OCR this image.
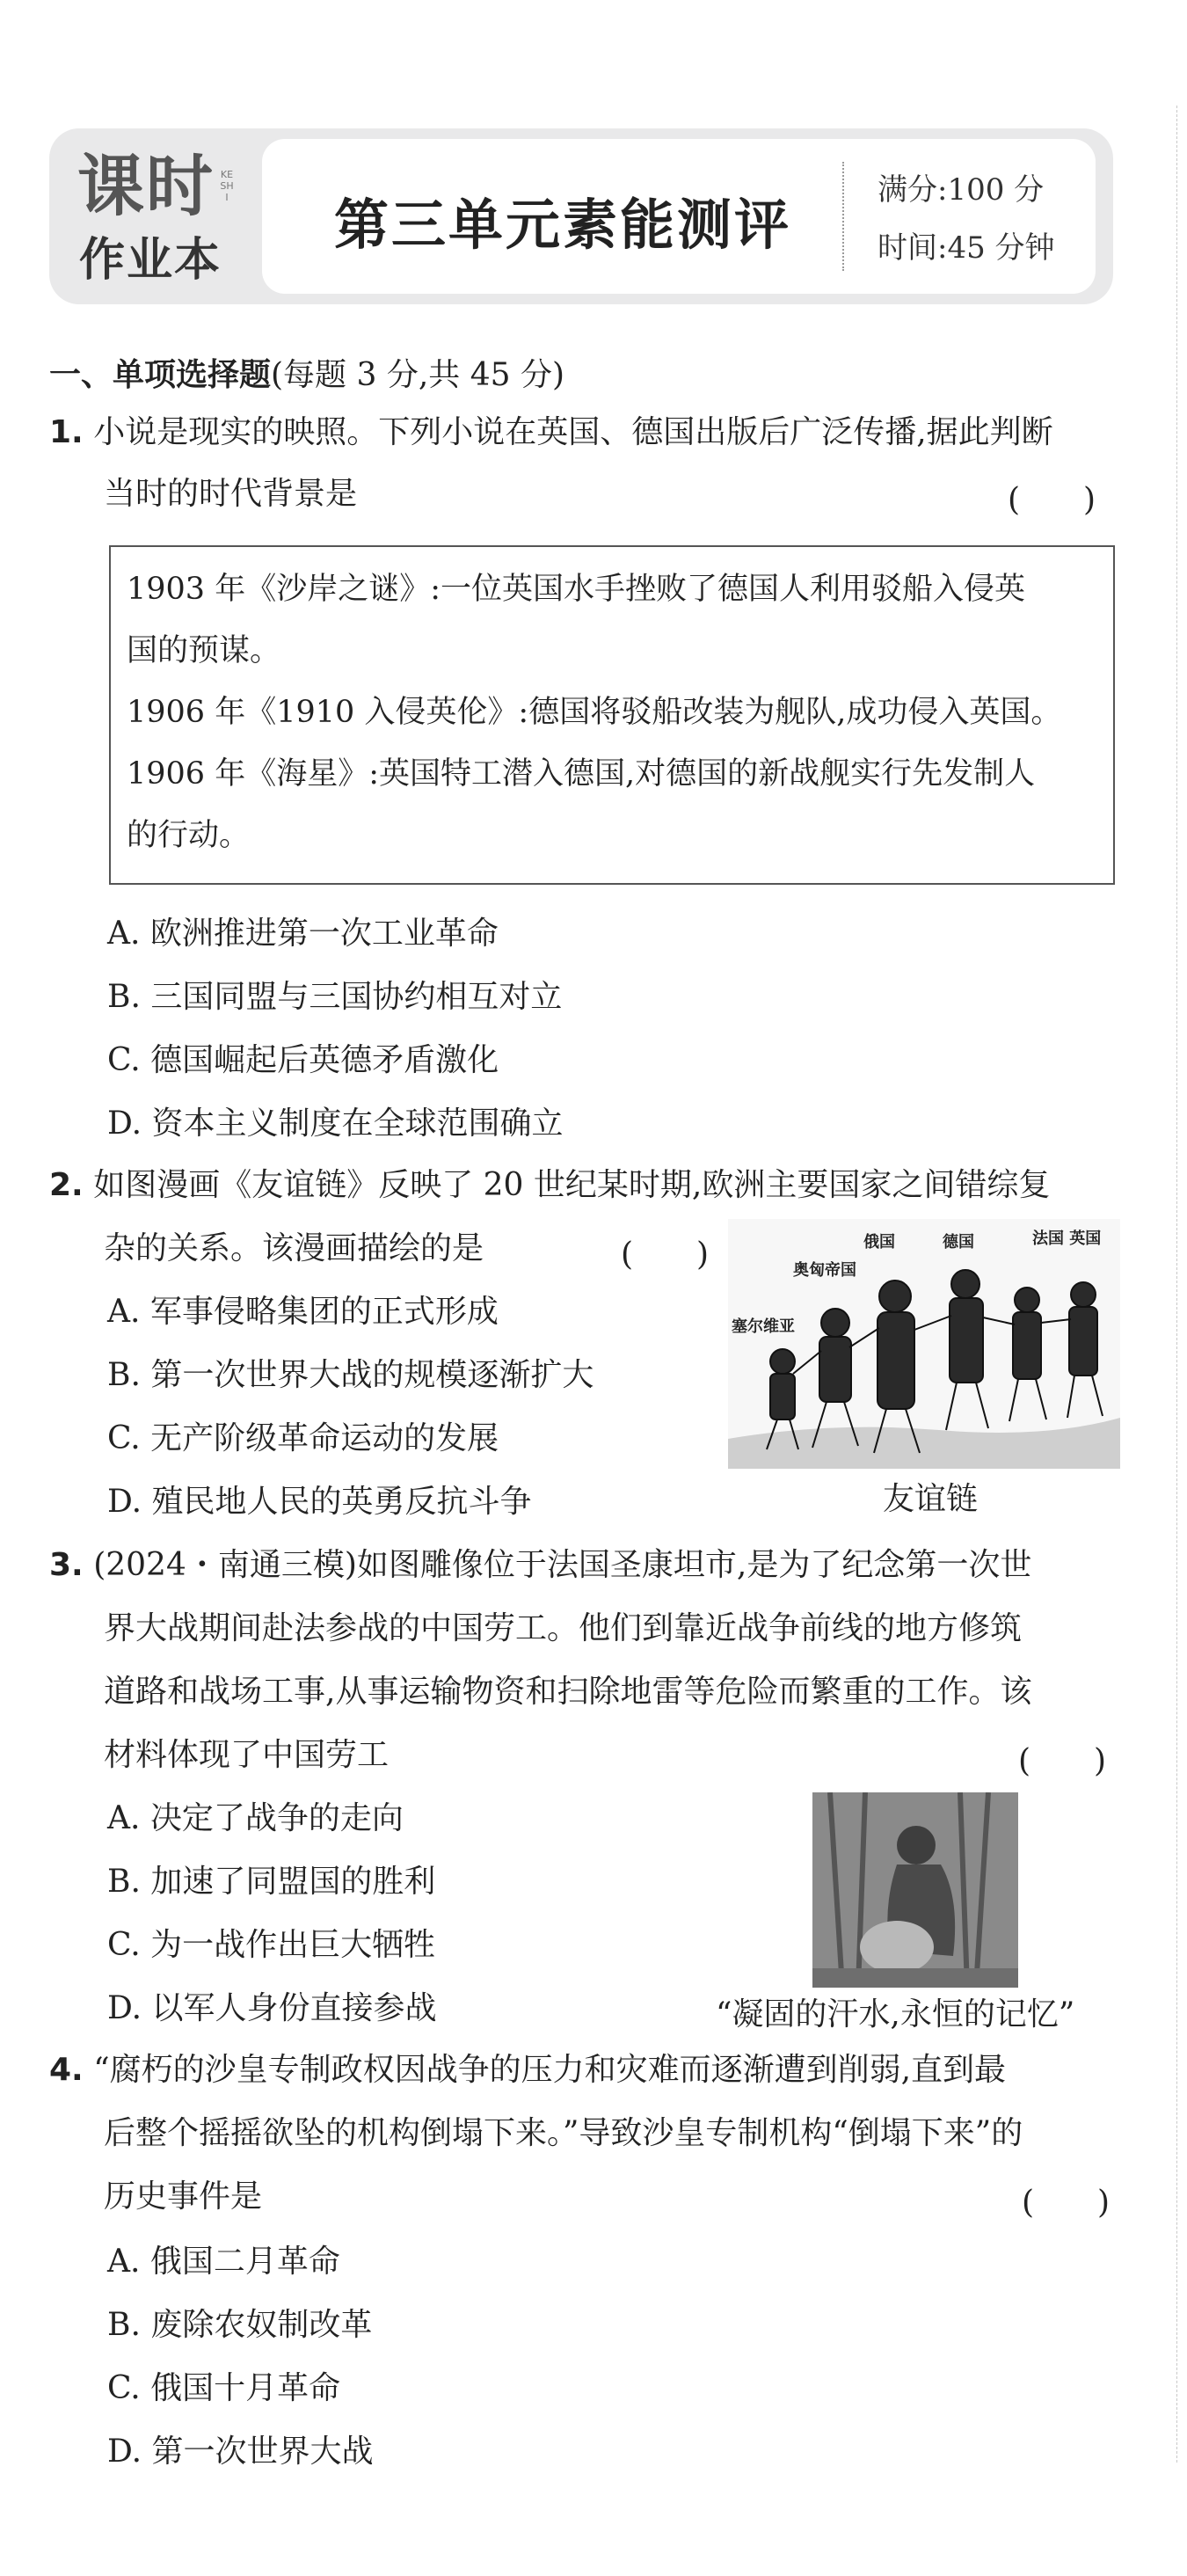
课时 KESHI
作业本
第三单元素能测评
满分:100 分
时间:45 分钟
一、单项选择题(每题 3 分,共 45 分)
1. 小说是现实的映照。下列小说在英国、德国出版后广泛传播,据此判断
当时的时代背景是	(　　)
1903 年《沙岸之谜》:一位英国水手挫败了德国人利用驳船入侵英
国的预谋。
1906 年《1910 入侵英伦》:德国将驳船改装为舰队,成功侵入英国。
1906 年《海星》:英国特工潜入德国,对德国的新战舰实行先发制人
的行动。
A. 欧洲推进第一次工业革命
B. 三国同盟与三国协约相互对立
C. 德国崛起后英德矛盾激化
D. 资本主义制度在全球范围确立
2. 如图漫画《友谊链》反映了 20 世纪某时期,欧洲主要国家之间错综复
杂的关系。该漫画描绘的是	(　　)
A. 军事侵略集团的正式形成
B. 第一次世界大战的规模逐渐扩大
C. 无产阶级革命运动的发展
D. 殖民地人民的英勇反抗斗争
俄国	德国	法国 英国
奥匈帝国
塞尔维亚
友谊链
3. (2024・南通三模)如图雕像位于法国圣康坦市,是为了纪念第一次世
界大战期间赴法参战的中国劳工。他们到靠近战争前线的地方修筑
道路和战场工事,从事运输物资和扫除地雷等危险而繁重的工作。该
材料体现了中国劳工	(　　)
A. 决定了战争的走向
B. 加速了同盟国的胜利
C. 为一战作出巨大牺牲
D. 以军人身份直接参战	“凝固的汗水,永恒的记忆”
4. “腐朽的沙皇专制政权因战争的压力和灾难而逐渐遭到削弱,直到最
后整个摇摇欲坠的机构倒塌下来。”导致沙皇专制机构“倒塌下来”的
历史事件是	(　　)
A. 俄国二月革命
B. 废除农奴制改革
C. 俄国十月革命
D. 第一次世界大战
